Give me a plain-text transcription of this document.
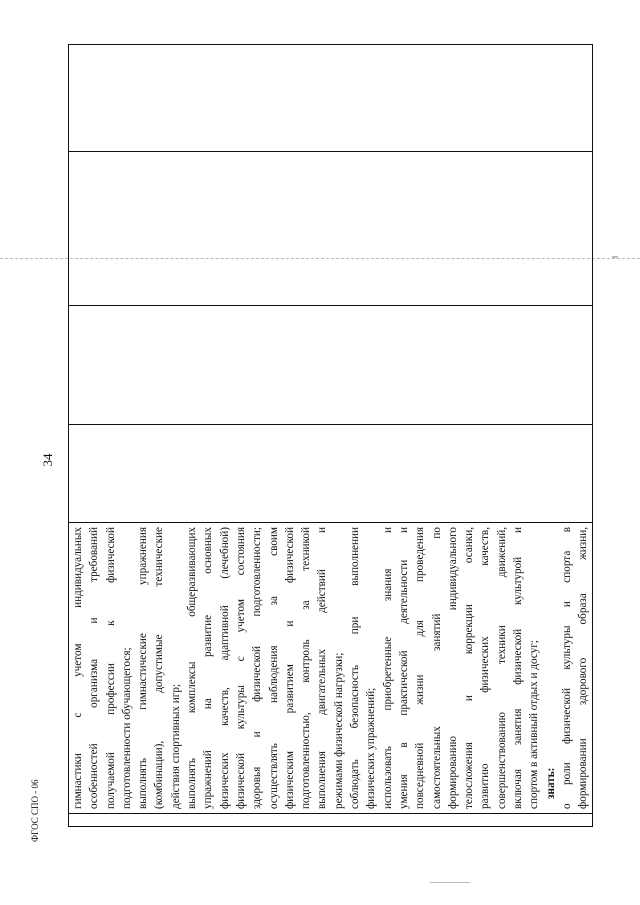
34
ФГОС СПО - 06

гимнастики с учетом индивидуальных особенностей организма и требований получаемой профессии к физической подготовленности обучающегося; выполнять гимнастические упражнения (комбинации), допустимые технические действия спортивных игр; выполнять комплексы общеразвивающих упражнений на развитие основных физических качеств, адаптивной (лечебной) физической культуры с учетом состояния здоровья и физической подготовленности; осуществлять наблюдения за своим физическим развитием и физической подготовленностью, контроль за техникой выполнения двигательных действий и режимами физической нагрузки; соблюдать безопасность при выполнении физических упражнений; использовать приобретенные знания и умения в практической деятельности и повседневной жизни для проведения самостоятельных занятий по формированию индивидуального телосложения и коррекции осанки, развитию физических качеств, совершенствованию техники движений, включая занятия физической культурой и спортом в активный отдых и досуг; знать: о роли физической культуры и спорта в формировании здорового образа жизни,
